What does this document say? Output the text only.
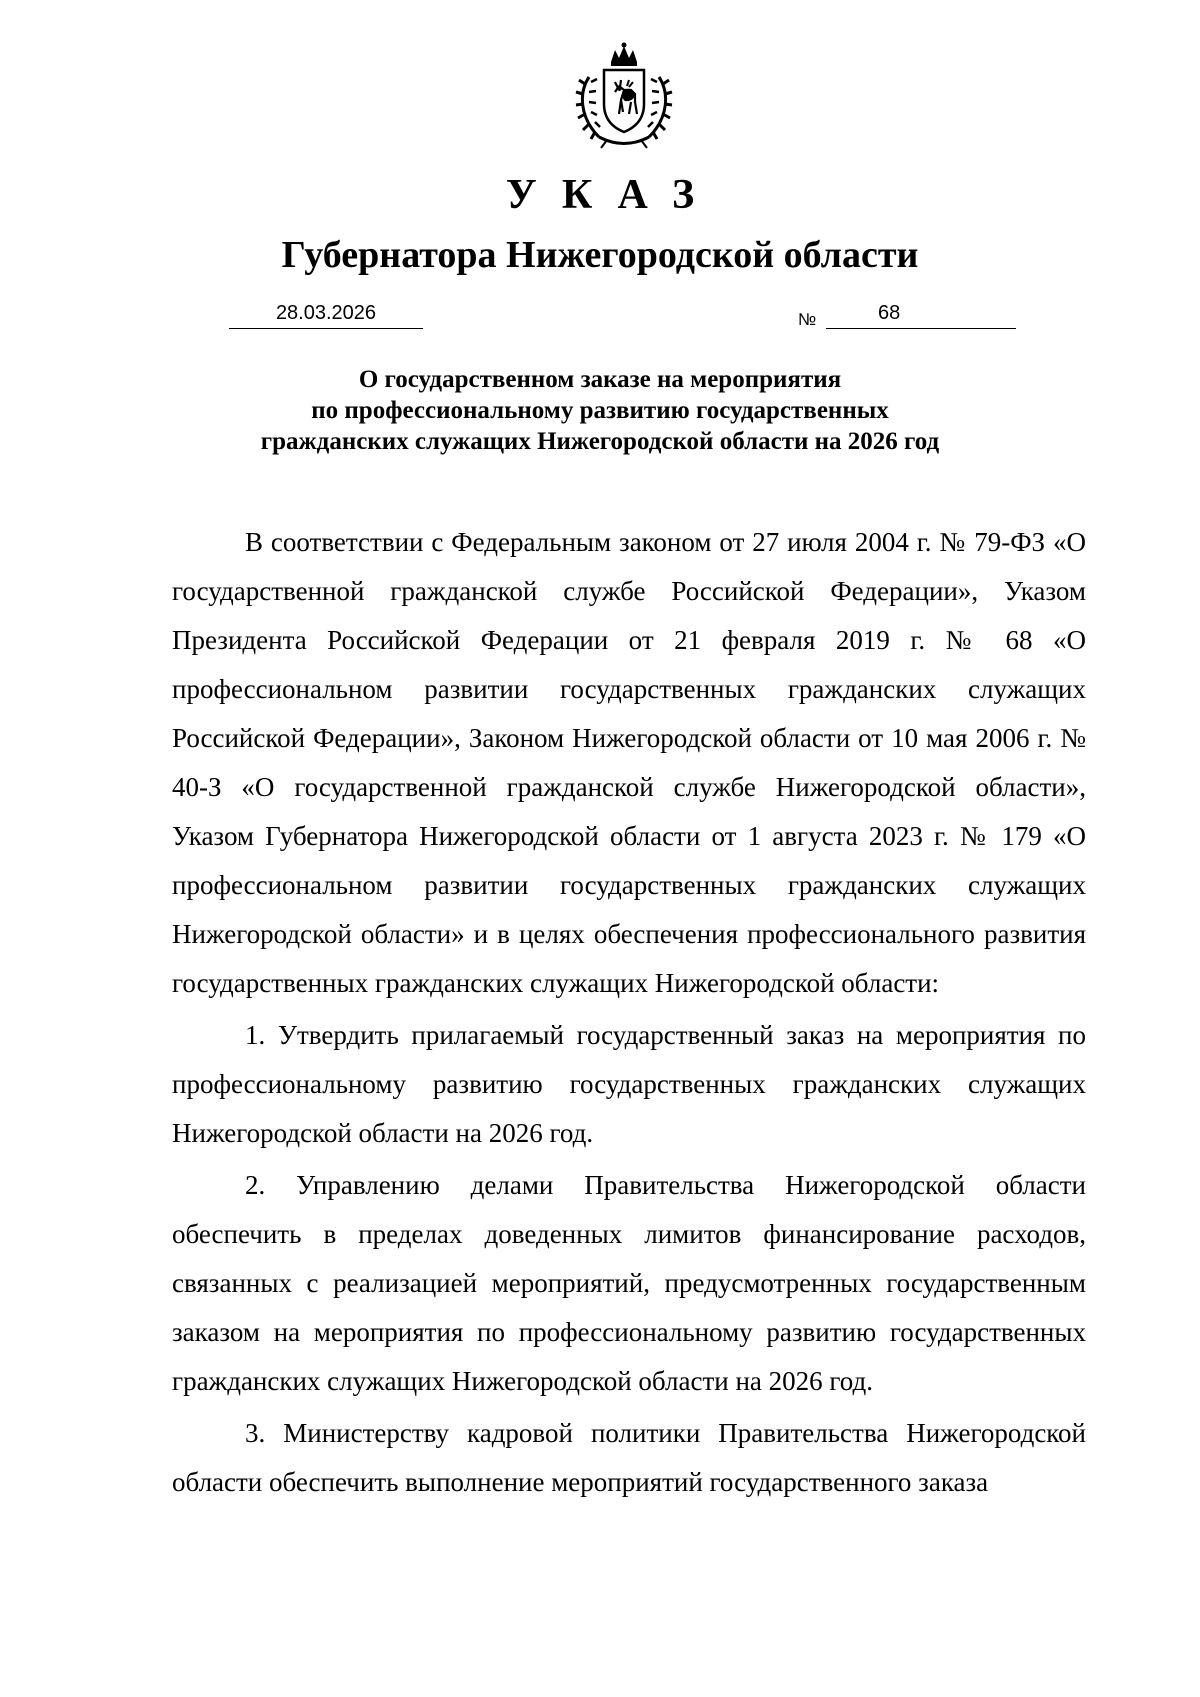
УКАЗ
Губернатора Нижегородской области
28.03.2026	№	68
О государственном заказе на мероприятия
по профессиональному развитию государственных
гражданских служащих Нижегородской области на 2026 год

В соответствии с Федеральным законом от 27 июля 2004 г. № 79-ФЗ «О государственной гражданской службе Российской Федерации», Указом Президента Российской Федерации от 21 февраля 2019 г. № 68 «О профессиональном развитии государственных гражданских служащих Российской Федерации», Законом Нижегородской области от 10 мая 2006 г. № 40-З «О государственной гражданской службе Нижегородской области», Указом Губернатора Нижегородской области от 1 августа 2023 г. № 179 «О профессиональном развитии государственных гражданских служащих Нижегородской области» и в целях обеспечения профессионального развития государственных гражданских служащих Нижегородской области:

1. Утвердить прилагаемый государственный заказ на мероприятия по профессиональному развитию государственных гражданских служащих Нижегородской области на 2026 год.

2. Управлению делами Правительства Нижегородской области обеспечить в пределах доведенных лимитов финансирование расходов, связанных с реализацией мероприятий, предусмотренных государственным заказом на мероприятия по профессиональному развитию государственных гражданских служащих Нижегородской области на 2026 год.

3. Министерству кадровой политики Правительства Нижегородской области обеспечить выполнение мероприятий государственного заказа
